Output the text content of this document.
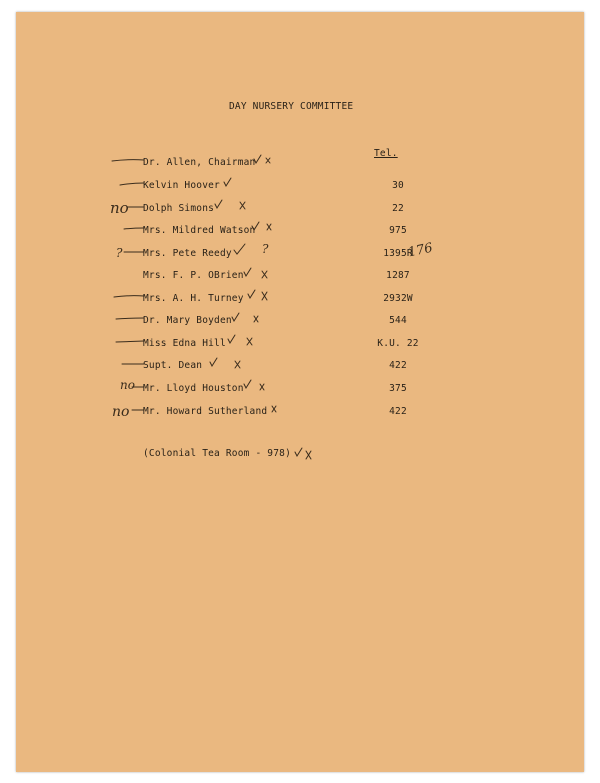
DAY NURSERY COMMITTEE
Tel.
Dr. Allen, Chairman
Kelvin Hoover	30
Dolph Simons	22
Mrs. Mildred Watson	975
Mrs. Pete Reedy	1395R
Mrs. F. P. OBrien	1287
Mrs. A. H. Turney	2932W
Dr. Mary Boyden	544
Miss Edna Hill	K.U. 22
Supt. Dean	422
Mr. Lloyd Houston	375
Mr. Howard Sutherland	422
(Colonial Tea Room - 978)
no
?	?	176
no
no
